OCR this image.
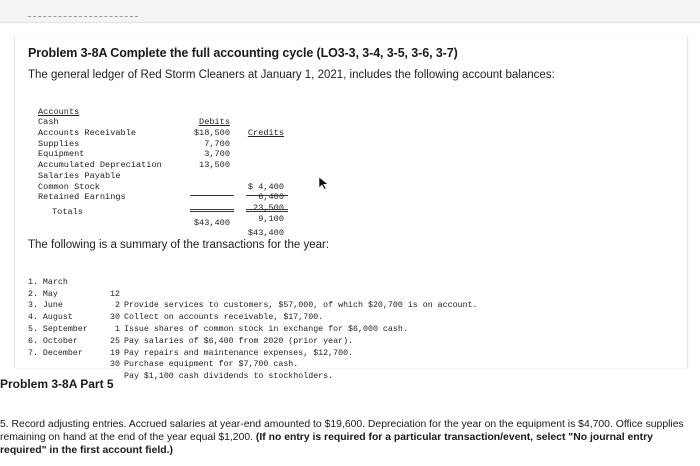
Problem 3-8A Complete the full accounting cycle (LO3-3, 3-4, 3-5, 3-6, 3-7)
The general ledger of Red Storm Cleaners at January 1, 2021, includes the following account balances:

Accounts

Debits

Credits

Cash

$18,500

Accounts Receivable

7,700

Supplies

3,700

Equipment

13,500

Accumulated Depreciation

$ 4,400

Salaries Payable

6,400

Common Stock

23,500

Retained Earnings

9,100

Totals

$43,400

$43,400

The following is a summary of the transactions for the year:

1. March

12

Provide services to customers, $57,000, of which $20,700 is on account.

2. May

2

Collect on accounts receivable, $17,700.

3. June

30

Issue shares of common stock in exchange for $6,000 cash.

4. August

1

Pay salaries of $6,400 from 2020 (prior year).

5. September

25

Pay repairs and maintenance expenses, $12,700.

6. October

19

Purchase equipment for $7,700 cash.

7. December

30

Pay $1,100 cash dividends to stockholders.

Problem 3-8A Part 5
5. Record adjusting entries. Accrued salaries at year-end amounted to $19,600. Depreciation for the year on the equipment is $4,700. Office supplies remaining on hand at the end of the year equal $1,200. (If no entry is required for a particular transaction/event, select "No journal entry required" in the first account field.)
